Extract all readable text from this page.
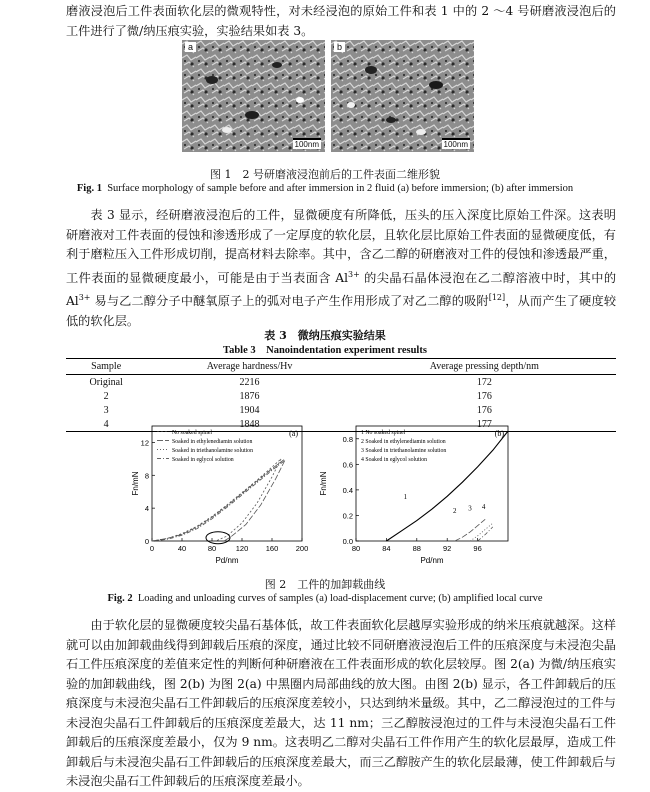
磨液浸泡后工件表面软化层的微观特性，对未经浸泡的原始工件和表 1 中的 2 ～4 号研磨液浸泡后的工件进行了微/纳压痕实验，实验结果如表 3。

a
100nm
b
100nm

图 1　2 号研磨液浸泡前后的工件表面二维形貌

Fig. 1 Surface morphology of sample before and after immersion in 2 fluid (a) before immersion; (b) after immersion

表 3 显示，经研磨液浸泡后的工件，显微硬度有所降低，压头的压入深度比原始工件深。这表明研磨液对工件表面的侵蚀和渗透形成了一定厚度的软化层，且软化层比原始工件表面的显微硬度低，有利于磨粒压入工件形成切削，提高材料去除率。其中，含乙二醇的研磨液对工件的侵蚀和渗透最严重，工件表面的显微硬度最小，可能是由于当表面含 $Al^{3+}$ 的尖晶石晶体浸泡在乙二醇溶液中时，其中的 $Al^{3+}$ 易与乙二醇分子中醚氧原子上的弧对电子产生作用形成了对乙二醇的吸附[12]，从而产生了硬度较低的软化层。

表 3　微纳压痕实验结果

Table 3　Nanoindentation experiment results

Sample	Average hardness/Hv	Average pressing depth/nm
Original	2216	172
2	1876	176
3	1904	176
4	1848	177
0	40	80	120 160 200
0
4
8
12
Pd/nm
Fn/mN
(a)
No soaked spinel
Soaked in ethylenediamin solution
Soaked in triethanolamine solution
Soaked in eglycol solution
80	84	88	92	96
0.0
0.2
0.4
0.6
0.8
Pd/nm
Fn/mN
(b)
1 No soaked spinel
2 Soaked in ethylenediamin solution
3 Soaked in triethanolamine solution
4 Soaked in eglycol solution
1
2 3 4

图 2　工件的加卸载曲线

Fig. 2 Loading and unloading curves of samples (a) load-displacement curve; (b) amplified local curve

由于软化层的显微硬度较尖晶石基体低，故工件表面软化层越厚实验形成的纳米压痕就越深。这样就可以由加卸载曲线得到卸载后压痕的深度，通过比较不同研磨液浸泡后工件的压痕深度与未浸泡尖晶石工件压痕深度的差值来定性的判断何种研磨液在工件表面形成的软化层较厚。图 2(a) 为微/纳压痕实验的加卸载曲线，图 2(b) 为图 2(a) 中黑圈内局部曲线的放大图。由图 2(b) 显示，各工件卸载后的压痕深度与未浸泡尖晶石工件卸载后的压痕深度差较小，只达到纳米量级。其中，乙二醇浸泡过的工件与未浸泡尖晶石工件卸载后的压痕深度差最大，达 11 nm；三乙醇胺浸泡过的工件与未浸泡尖晶石工件卸载后的压痕深度差最小，仅为 9 nm。这表明乙二醇对尖晶石工件作用产生的软化层最厚，造成工件卸载后与未浸泡尖晶石工件卸载后的压痕深度差最大，而三乙醇胺产生的软化层最薄，使工件卸载后与未浸泡尖晶石工件卸载后的压痕深度差最小。
